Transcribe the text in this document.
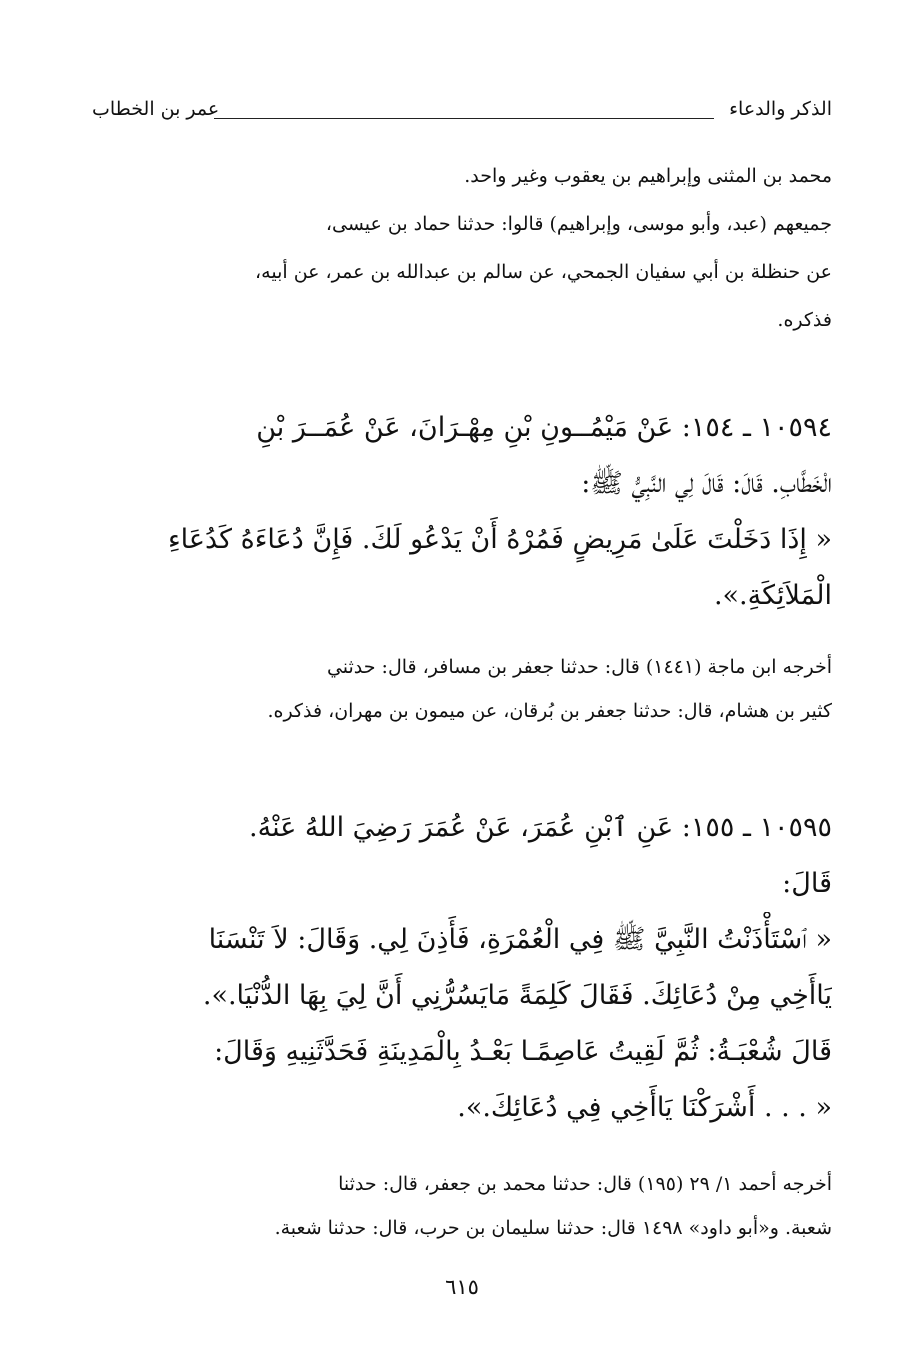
الذكر والدعاء
عمر بن الخطاب
محمد بن المثنى وإبراهيم بن يعقوب وغير واحد.
جميعهم (عبد، وأبو موسى، وإبراهيم) قالوا: حدثنا حماد بن عيسى،
عن حنظلة بن أبي سفيان الجمحي، عن سالم بن عبدالله بن عمر، عن أبيه،
فذكره.
١٠٥٩٤ ـ ١٥٤: عَنْ مَيْمُــونِ بْنِ مِهْـرَانَ، عَنْ عُمَــرَ بْنِ
الْخَطَّابِ. قَالَ: قَالَ لِي النَّبِيُّ ﷺ:
« إِذَا دَخَلْتَ عَلَىٰ مَرِيضٍ فَمُرْهُ أَنْ يَدْعُو لَكَ. فَإِنَّ دُعَاءَهُ كَدُعَاءِ
الْمَلاَئِكَةِ.».
أخرجه ابن ماجة (١٤٤١) قال: حدثنا جعفر بن مسافر، قال: حدثني
كثير بن هشام، قال: حدثنا جعفر بن بُرقان، عن ميمون بن مهران، فذكره.
١٠٥٩٥ ـ ١٥٥: عَنِ ٱبْنِ عُمَرَ، عَنْ عُمَرَ رَضِيَ اللهُ عَنْهُ.
قَالَ:
« ٱسْتَأْذَنْتُ النَّبِيَّ ﷺ فِي الْعُمْرَةِ، فَأَذِنَ لِي. وَقَالَ: لاَ تَنْسَنَا
يَاأَخِي مِنْ دُعَائِكَ. فَقَالَ كَلِمَةً مَايَسُرُّنِي أَنَّ لِيَ بِهَا الدُّنْيَا.».
قَالَ شُعْبَـةُ: ثُمَّ لَقِيتُ عَاصِمًـا بَعْـدُ بِالْمَدِينَةِ فَحَدَّثَنِيهِ وَقَالَ:
« . . . أَشْرَكْنَا يَاأَخِي فِي دُعَائِكَ.».
أخرجه أحمد ١/ ٢٩ (١٩٥) قال: حدثنا محمد بن جعفر، قال: حدثنا
شعبة. و«أبو داود» ١٤٩٨ قال: حدثنا سليمان بن حرب، قال: حدثنا شعبة.
٦١٥
